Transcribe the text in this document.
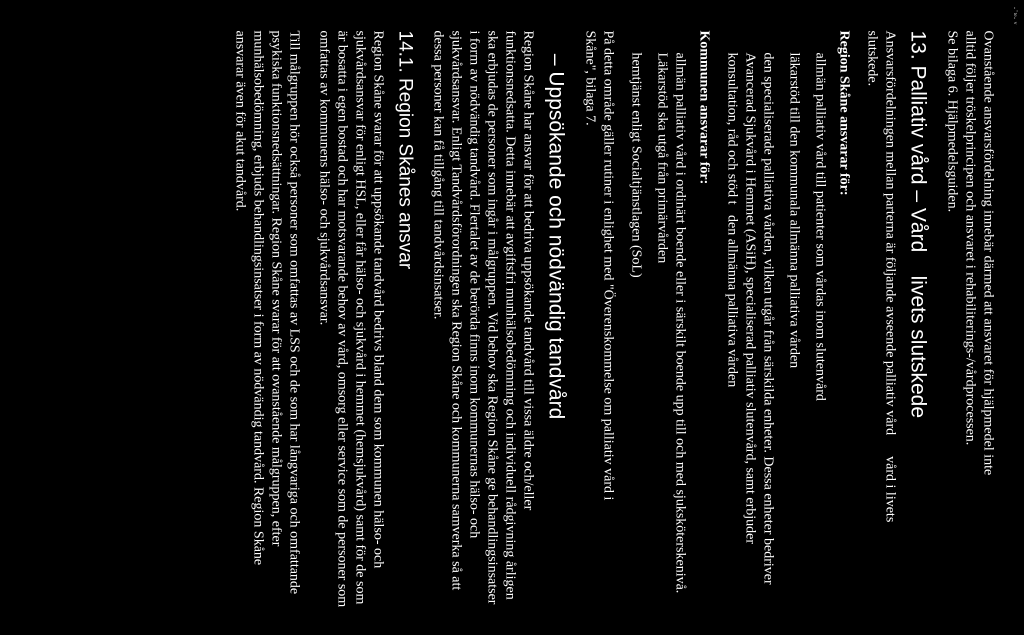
·ˈᵗᵉ· ᵛ

Ovanstående ansvarsfördelning innebär därmed att ansvaret för hjälpmedel inte

alltid följer tröskelprincipen och ansvaret i rehabiliterings-/vårdprocessen.

Se bilaga 6. Hjälpmedelsguiden.

13. Palliativ vård – Vård    livets slutskede

Ansvarsfördelningen mellan parterna är följande avseende palliativ vård      vård i livets

slutskede.

Region Skåne ansvarar för:

allmän palliativ vård till patienter som vårdas inom slutenvård
läkarstöd till den kommunala allmänna palliativa vården
den specialiserade palliativa vården, vilken utgår från särskilda enheter. Dessa enheter bedriver Avancerad Sjukvård i Hemmet (ASiH), specialiserad palliativ slutenvård, samt erbjuder konsultation, råd och stöd t   den allmänna palliativa vården

Kommunen ansvarar för:

allmän palliativ vård i ordinärt boende eller i särskilt boende upp till och med sjuksköterskenivå. Läkarstöd ska utgå från primärvården
hemtjänst enligt Socialtjänstlagen (SoL)

På detta område gäller rutiner i enlighet med "Överenskommelse om palliativ vård i

Skåne", bilaga 7.

– Uppsökande och nödvändig tandvård

Region Skåne har ansvar för att bedriva uppsökande tandvård till vissa äldre och/eller funktionsnedsatta. Detta innebär att avgiftsfri munhälsobedömning och individuell rådgivning årligen ska erbjudas de personer som ingår i målgruppen. Vid behov ska Region Skåne ge behandlingsinsatser i form av nödvändig tandvård. Flertalet av de berörda finns inom kommunernas hälso- och sjukvårdsansvar. Enligt Tandvårdsförordningen ska Region Skåne och kommunerna samverka så att dessa personer kan få tillgång till tandvårdsinsatser.

14.1. Region Skånes ansvar

Region Skåne svarar för att uppsökande tandvård bedrivs bland dem som kommunen hälso- och sjukvårdsansvar för enligt HSL, eller får hälso- och sjukvård i hemmet (hemsjukvård) samt för de som är bosatta i egen bostad och har motsvarande behov av vård, omsorg eller service som de personer som omfattas av kommunens hälso- och sjukvårdsansvar.

Till målgruppen hör också personer som omfattas av LSS och de som har långvariga och omfattande psykiska funktionsnedsättningar. Region Skåne svarar för att ovanstående målgruppen, efter munhälsobedömning, erbjuds behandlingsinsatser i form av nödvändig tandvård. Region Skåne ansvarar även för akut tandvård.
